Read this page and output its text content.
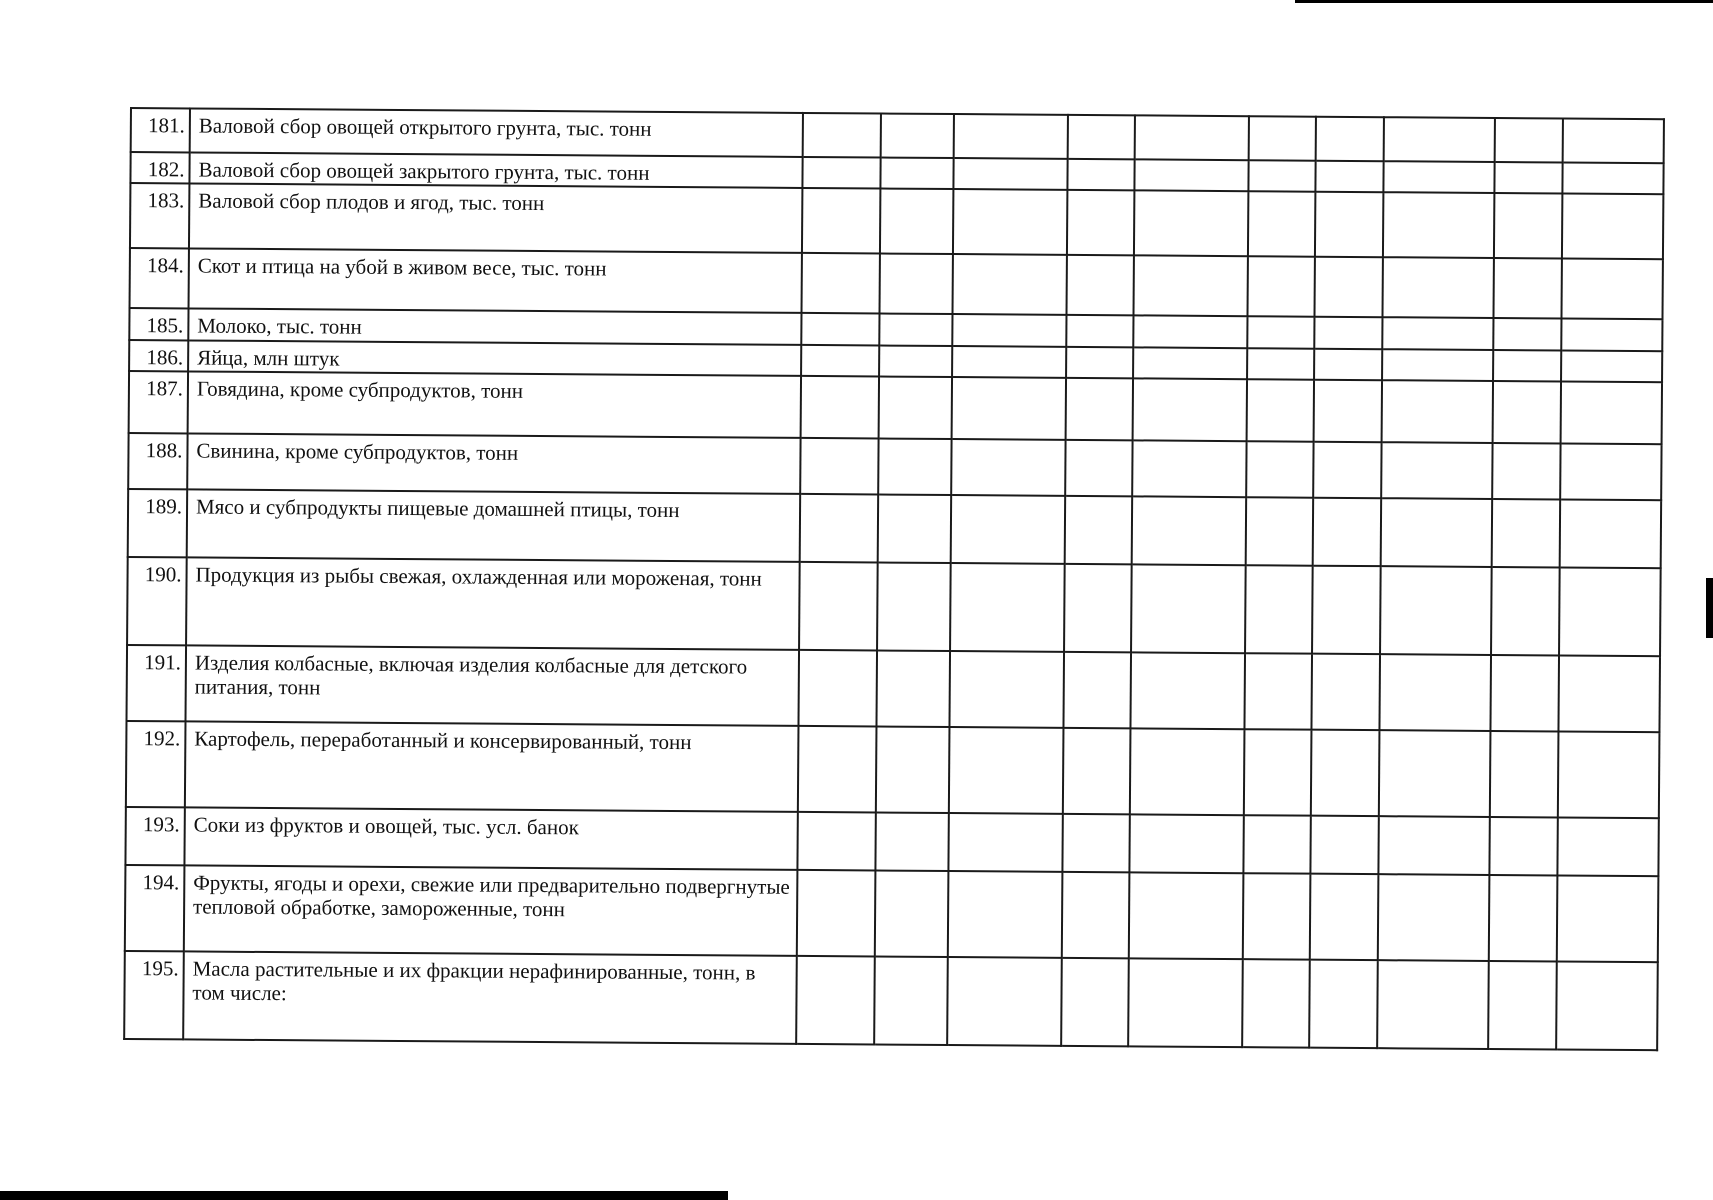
181.	Валовой сбор овощей открытого грунта, тыс. тонн										
182.	Валовой сбор овощей закрытого грунта, тыс. тонн										
183.	Валовой сбор плодов и ягод, тыс. тонн										
184.	Скот и птица на убой в живом весе, тыс. тонн										
185.	Молоко, тыс. тонн										
186.	Яйца, млн штук										
187.	Говядина, кроме субпродуктов, тонн										
188.	Свинина, кроме субпродуктов, тонн										
189.	Мясо и субпродукты пищевые домашней птицы, тонн										
190.	Продукция из рыбы свежая, охлажденная или мороженая, тонн										
191.	Изделия колбасные, включая изделия колбасные для детского питания, тонн										
192.	Картофель, переработанный и консервированный, тонн										
193.	Соки из фруктов и овощей, тыс. усл. банок										
194.	Фрукты, ягоды и орехи, свежие или предварительно подвергнутые тепловой обработке, замороженные, тонн										
195.	Масла растительные и их фракции нерафинированные, тонн, в том числе:										
